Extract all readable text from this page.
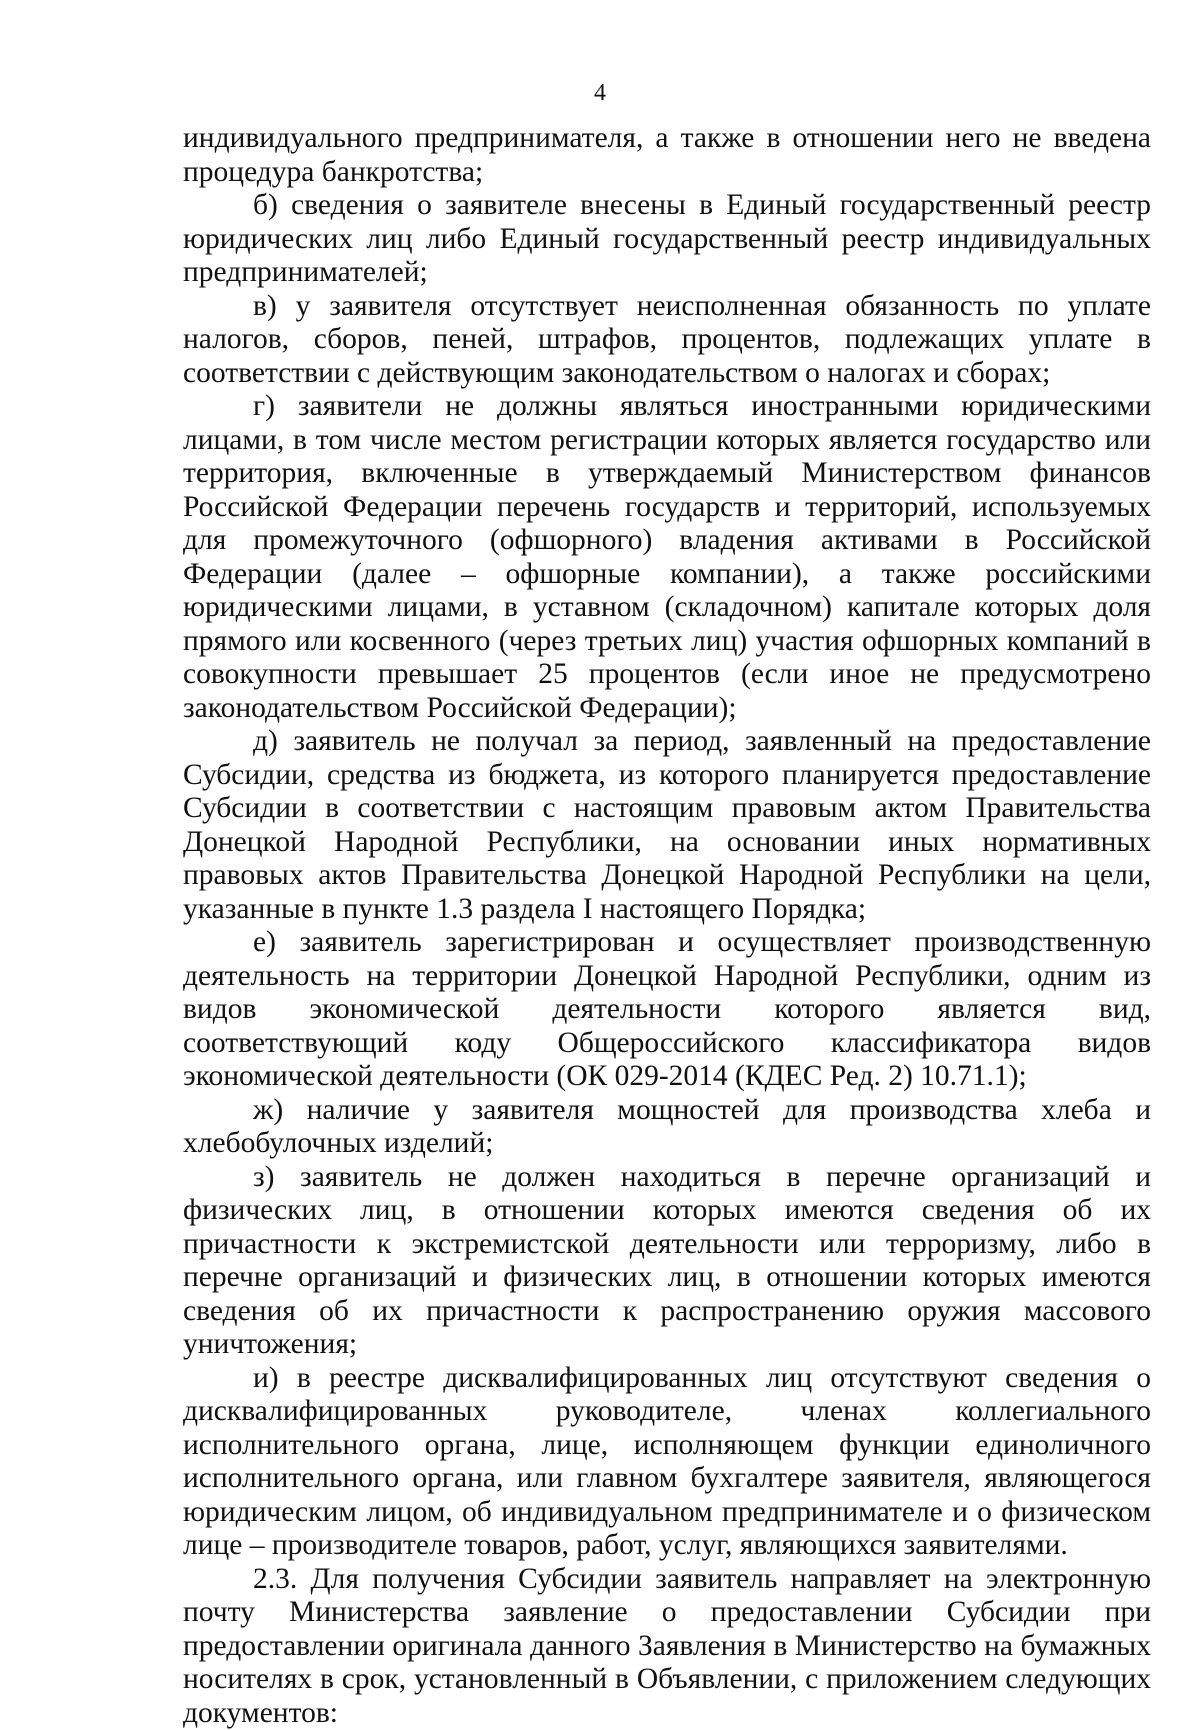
4

индивидуального предпринимателя, а также в отношении него не введена процедура банкротства;

б) сведения о заявителе внесены в Единый государственный реестр юридических лиц либо Единый государственный реестр индивидуальных предпринимателей;

в) у заявителя отсутствует неисполненная обязанность по уплате налогов, сборов, пеней, штрафов, процентов, подлежащих уплате в соответствии с действующим законодательством о налогах и сборах;

г) заявители не должны являться иностранными юридическими лицами, в том числе местом регистрации которых является государство или территория, включенные в утверждаемый Министерством финансов Российской Федерации перечень государств и территорий, используемых для промежуточного (офшорного) владения активами в Российской Федерации (далее – офшорные компании), а также российскими юридическими лицами, в уставном (складочном) капитале которых доля прямого или косвенного (через третьих лиц) участия офшорных компаний в совокупности превышает 25 процентов (если иное не предусмотрено законодательством Российской Федерации);

д) заявитель не получал за период, заявленный на предоставление Субсидии, средства из бюджета, из которого планируется предоставление Субсидии в соответствии с настоящим правовым актом Правительства Донецкой Народной Республики, на основании иных нормативных правовых актов Правительства Донецкой Народной Республики на цели, указанные в пункте 1.3 раздела I настоящего Порядка;

е) заявитель зарегистрирован и осуществляет производственную деятельность на территории Донецкой Народной Республики, одним из видов экономической деятельности которого является вид, соответствующий коду Общероссийского классификатора видов экономической деятельности (ОК 029-2014 (КДЕС Ред. 2) 10.71.1);

ж) наличие у заявителя мощностей для производства хлеба и хлебобулочных изделий;

з) заявитель не должен находиться в перечне организаций и физических лиц, в отношении которых имеются сведения об их причастности к экстремистской деятельности или терроризму, либо в перечне организаций и физических лиц, в отношении которых имеются сведения об их причастности к распространению оружия массового уничтожения;

и) в реестре дисквалифицированных лиц отсутствуют сведения о дисквалифицированных руководителе, членах коллегиального исполнительного органа, лице, исполняющем функции единоличного исполнительного органа, или главном бухгалтере заявителя, являющегося юридическим лицом, об индивидуальном предпринимателе и о физическом лице – производителе товаров, работ, услуг, являющихся заявителями.

2.3. Для получения Субсидии заявитель направляет на электронную почту Министерства заявление о предоставлении Субсидии при предоставлении оригинала данного Заявления в Министерство на бумажных носителях в срок, установленный в Объявлении, с приложением следующих документов:
